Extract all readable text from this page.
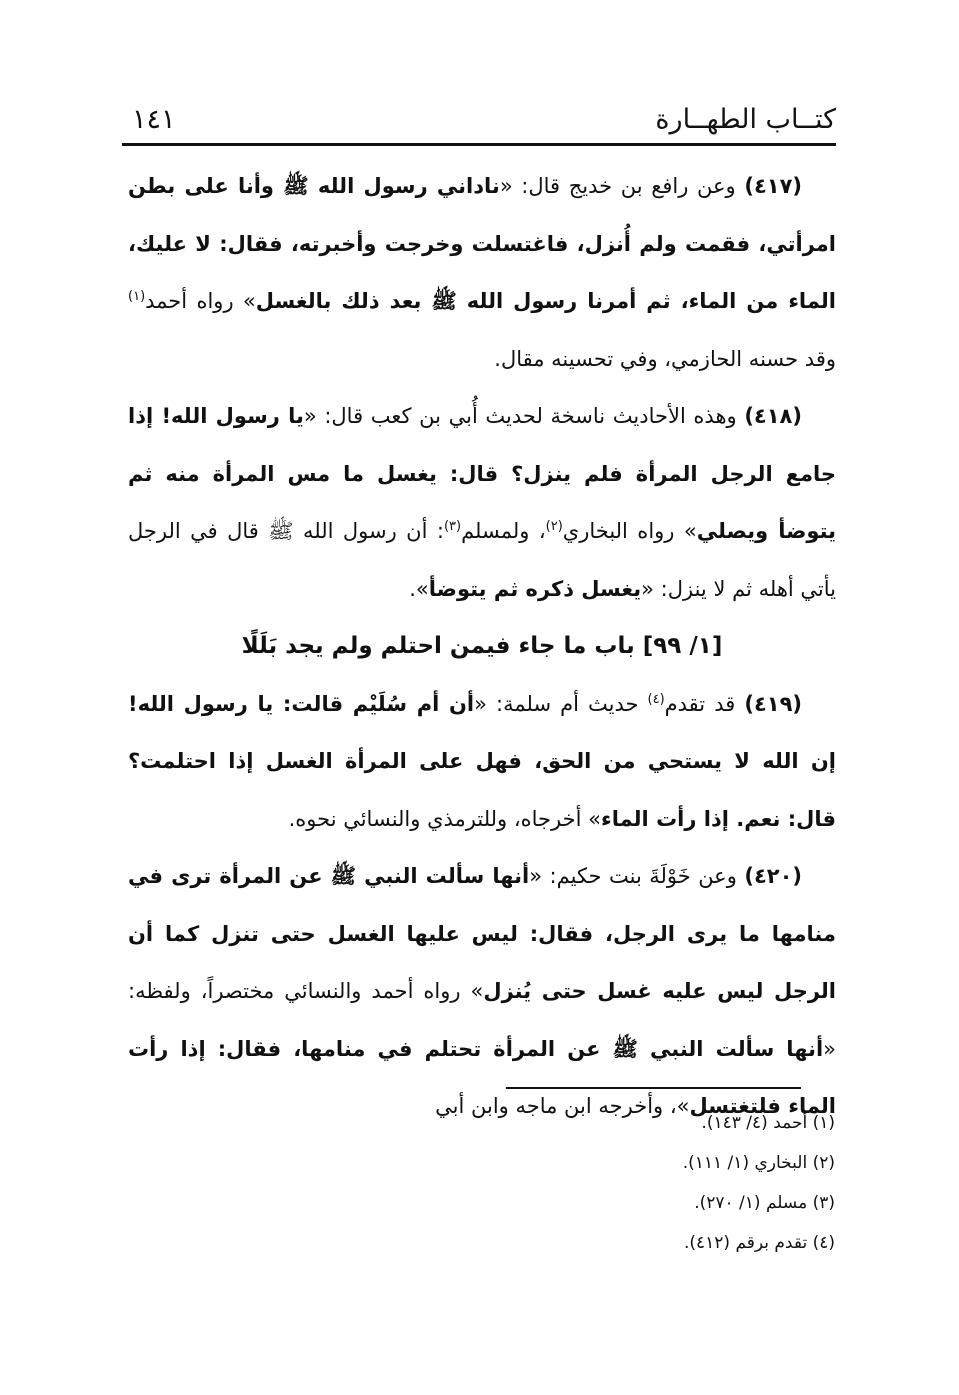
كتــاب الطهــارة
١٤١

(٤١٧) وعن رافع بن خديج قال: «ناداني رسول الله ﷺ وأنا على بطن امرأتي، فقمت ولم أُنزل، فاغتسلت وخرجت وأخبرته، فقال: لا عليك، الماء من الماء، ثم أمرنا رسول الله ﷺ بعد ذلك بالغسل» رواه أحمد$^{(١)}$ وقد حسنه الحازمي، وفي تحسينه مقال.

(٤١٨) وهذه الأحاديث ناسخة لحديث أُبي بن كعب قال: «يا رسول الله! إذا جامع الرجل المرأة فلم ينزل؟ قال: يغسل ما مس المرأة منه ثم يتوضأ ويصلي» رواه البخاري$^{(٢)}$، ولمسلم$^{(٣)}$: أن رسول الله ﷺ قال في الرجل يأتي أهله ثم لا ينزل: «يغسل ذكره ثم يتوضأ».

[١/ ٩٩] باب ما جاء فيمن احتلم ولم يجد بَلَلًا

(٤١٩) قد تقدم$^{(٤)}$ حديث أم سلمة: «أن أم سُلَيْم قالت: يا رسول الله! إن الله لا يستحي من الحق، فهل على المرأة الغسل إذا احتلمت؟ قال: نعم. إذا رأت الماء» أخرجاه، وللترمذي والنسائي نحوه.

(٤٢٠) وعن خَوْلَةَ بنت حكيم: «أنها سألت النبي ﷺ عن المرأة ترى في منامها ما يرى الرجل، فقال: ليس عليها الغسل حتى تنزل كما أن الرجل ليس عليه غسل حتى يُنزل» رواه أحمد والنسائي مختصراً، ولفظه: «أنها سألت النبي ﷺ عن المرأة تحتلم في منامها، فقال: إذا رأت الماء فلتغتسل»، وأخرجه ابن ماجه وابن أبي

(١) أحمد (٤/ ١٤٣).
(٢) البخاري (١/ ١١١).
(٣) مسلم (١/ ٢٧٠).
(٤) تقدم برقم (٤١٢).
